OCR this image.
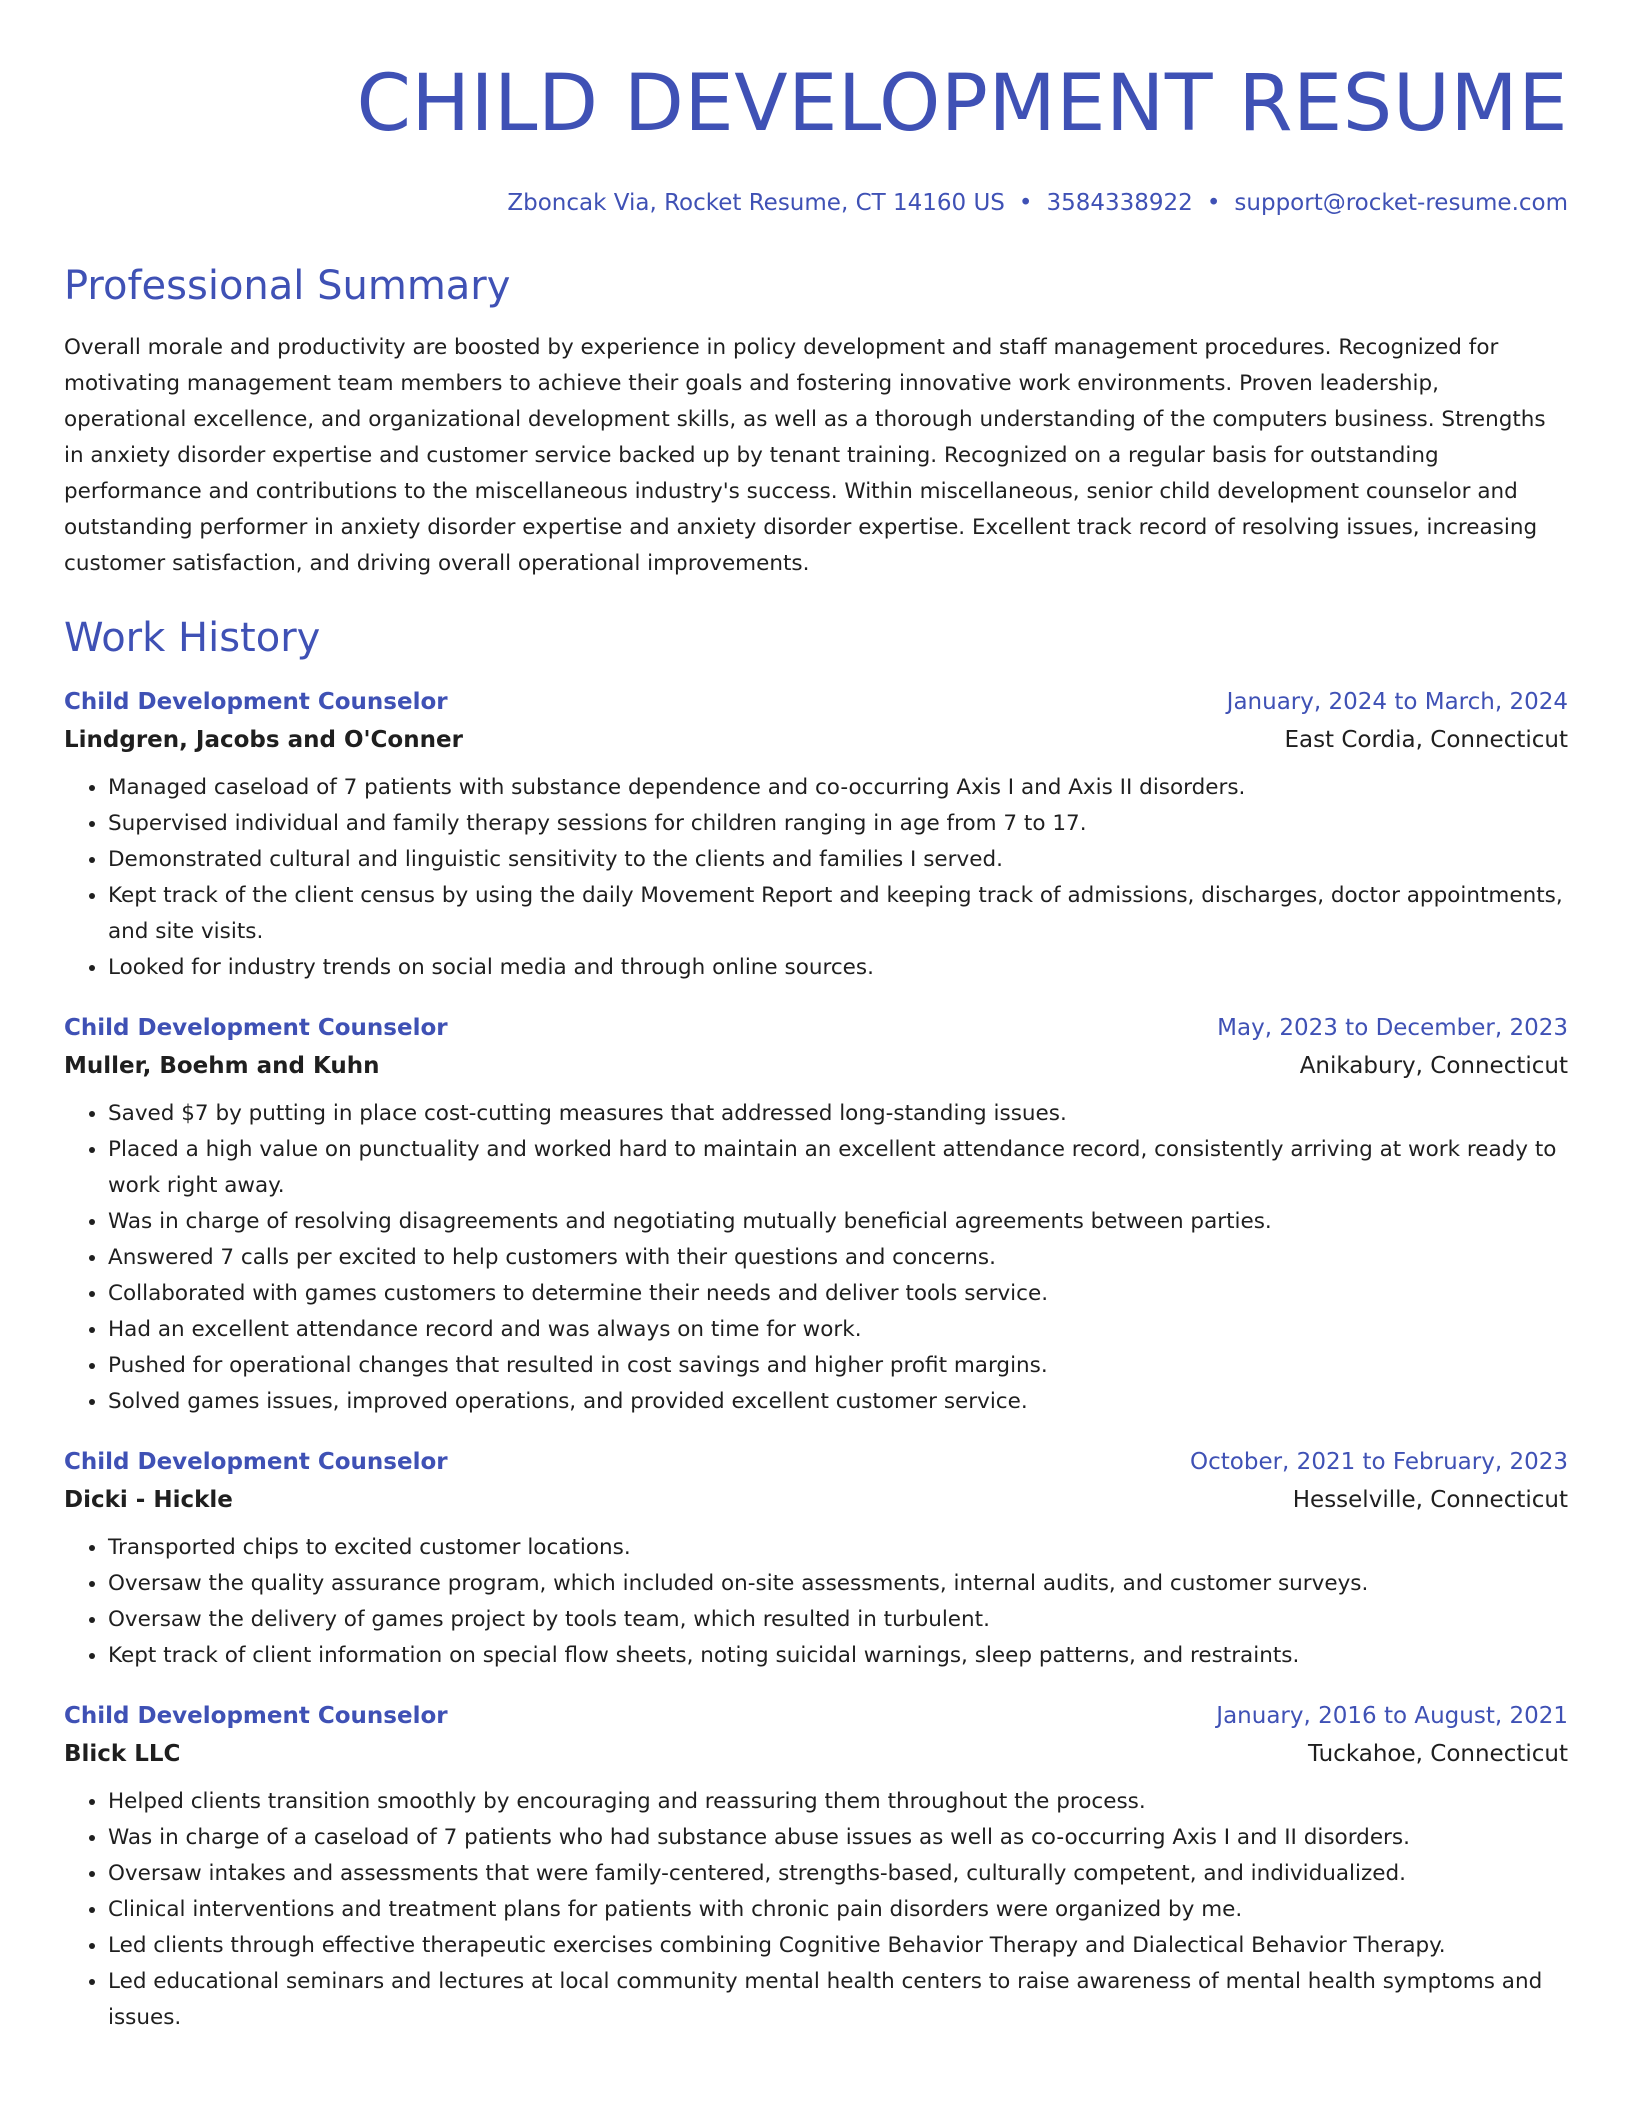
CHILD DEVELOPMENT RESUME
Zboncak Via, Rocket Resume, CT 14160 US • 3584338922 • support@rocket-resume.com
Professional Summary
Overall morale and productivity are boosted by experience in policy development and staff management procedures. Recognized for motivating management team members to achieve their goals and fostering innovative work environments. Proven leadership, operational excellence, and organizational development skills, as well as a thorough understanding of the computers business. Strengths in anxiety disorder expertise and customer service backed up by tenant training. Recognized on a regular basis for outstanding performance and contributions to the miscellaneous industry's success. Within miscellaneous, senior child development counselor and outstanding performer in anxiety disorder expertise and anxiety disorder expertise. Excellent track record of resolving issues, increasing customer satisfaction, and driving overall operational improvements.
Work History
Child Development Counselor	January, 2024 to March, 2024
Lindgren, Jacobs and O'Conner	East Cordia, Connecticut
• Managed caseload of 7 patients with substance dependence and co-occurring Axis I and Axis II disorders.
• Supervised individual and family therapy sessions for children ranging in age from 7 to 17.
• Demonstrated cultural and linguistic sensitivity to the clients and families I served.
• Kept track of the client census by using the daily Movement Report and keeping track of admissions, discharges, doctor appointments, and site visits.
• Looked for industry trends on social media and through online sources.
Child Development Counselor	May, 2023 to December, 2023
Muller, Boehm and Kuhn	Anikabury, Connecticut
• Saved $7 by putting in place cost-cutting measures that addressed long-standing issues.
• Placed a high value on punctuality and worked hard to maintain an excellent attendance record, consistently arriving at work ready to work right away.
• Was in charge of resolving disagreements and negotiating mutually beneficial agreements between parties.
• Answered 7 calls per excited to help customers with their questions and concerns.
• Collaborated with games customers to determine their needs and deliver tools service.
• Had an excellent attendance record and was always on time for work.
• Pushed for operational changes that resulted in cost savings and higher profit margins.
• Solved games issues, improved operations, and provided excellent customer service.
Child Development Counselor	October, 2021 to February, 2023
Dicki - Hickle	Hesselville, Connecticut
• Transported chips to excited customer locations.
• Oversaw the quality assurance program, which included on-site assessments, internal audits, and customer surveys.
• Oversaw the delivery of games project by tools team, which resulted in turbulent.
• Kept track of client information on special flow sheets, noting suicidal warnings, sleep patterns, and restraints.
Child Development Counselor	January, 2016 to August, 2021
Blick LLC	Tuckahoe, Connecticut
• Helped clients transition smoothly by encouraging and reassuring them throughout the process.
• Was in charge of a caseload of 7 patients who had substance abuse issues as well as co-occurring Axis I and II disorders.
• Oversaw intakes and assessments that were family-centered, strengths-based, culturally competent, and individualized.
• Clinical interventions and treatment plans for patients with chronic pain disorders were organized by me.
• Led clients through effective therapeutic exercises combining Cognitive Behavior Therapy and Dialectical Behavior Therapy.
• Led educational seminars and lectures at local community mental health centers to raise awareness of mental health symptoms and issues.
